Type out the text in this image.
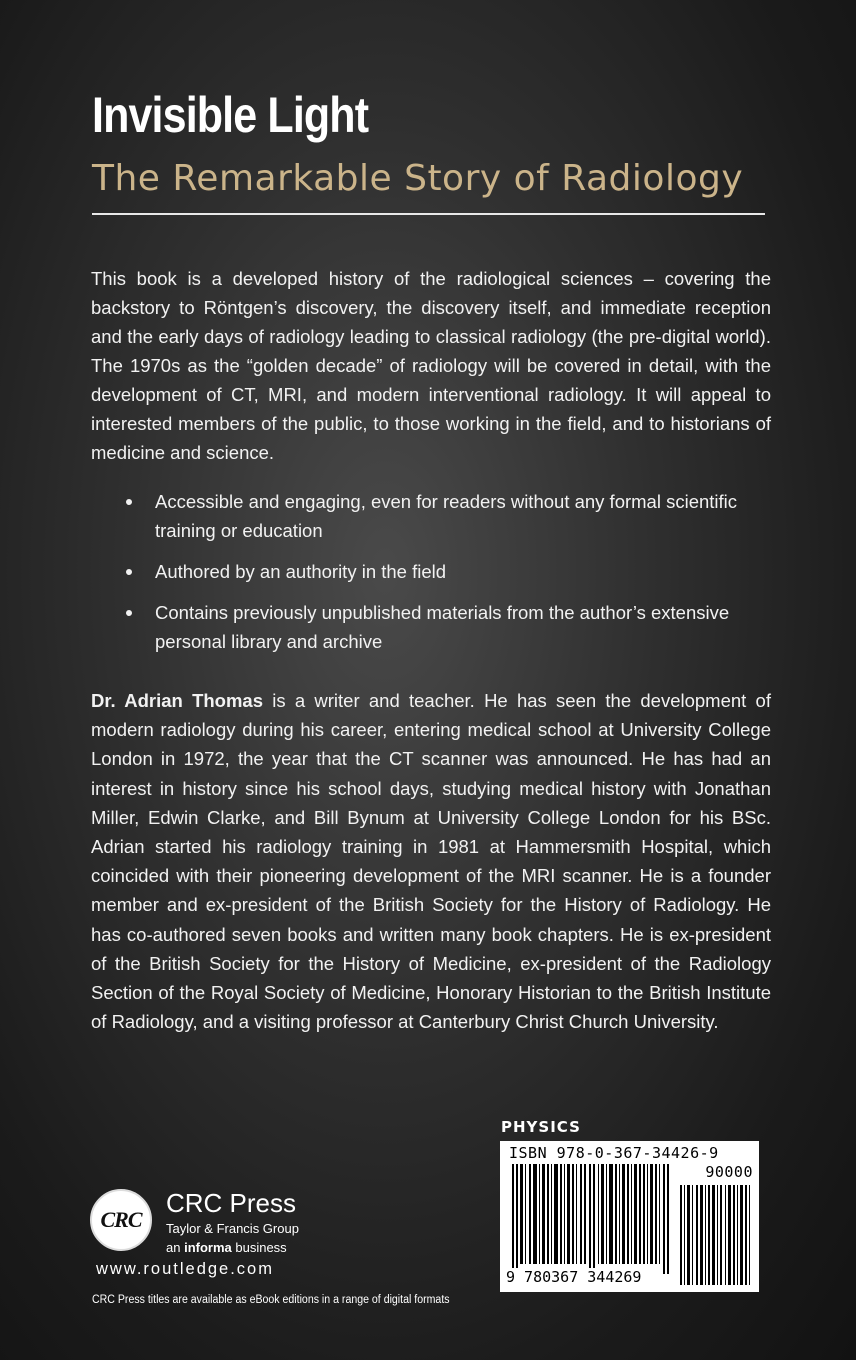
Invisible Light
The Remarkable Story of Radiology

This book is a developed history of the radiological sciences – covering the backstory to Röntgen’s discovery, the discovery itself, and immediate reception and the early days of radiology leading to classical radiology (the pre-digital world). The 1970s as the “golden decade” of radiology will be covered in detail, with the development of CT, MRI, and modern interventional radiology. It will appeal to interested members of the public, to those working in the field, and to historians of medicine and science.

Accessible and engaging, even for readers without any formal scientific training or education
Authored by an authority in the field
Contains previously unpublished materials from the author’s extensive personal library and archive

Dr. Adrian Thomas is a writer and teacher. He has seen the development of modern radiology during his career, entering medical school at University College London in 1972, the year that the CT scanner was announced. He has had an interest in history since his school days, studying medical history with Jonathan Miller, Edwin Clarke, and Bill Bynum at University College London for his BSc. Adrian started his radiology training in 1981 at Hammersmith Hospital, which coincided with their pioneering development of the MRI scanner. He is a founder member and ex-president of the British Society for the History of Radiology. He has co-authored seven books and written many book chapters. He is ex-president of the British Society for the History of Medicine, ex-president of the Radiology Section of the Royal Society of Medicine, Honorary Historian to the British Institute of Radiology, and a visiting professor at Canterbury Christ Church University.

CRC
CRC Press
Taylor & Francis Group
an informa business
www.routledge.com
CRC Press titles are available as eBook editions in a range of digital formats
PHYSICS
ISBN 978-0-367-34426-9
90000
9 780367 344269
